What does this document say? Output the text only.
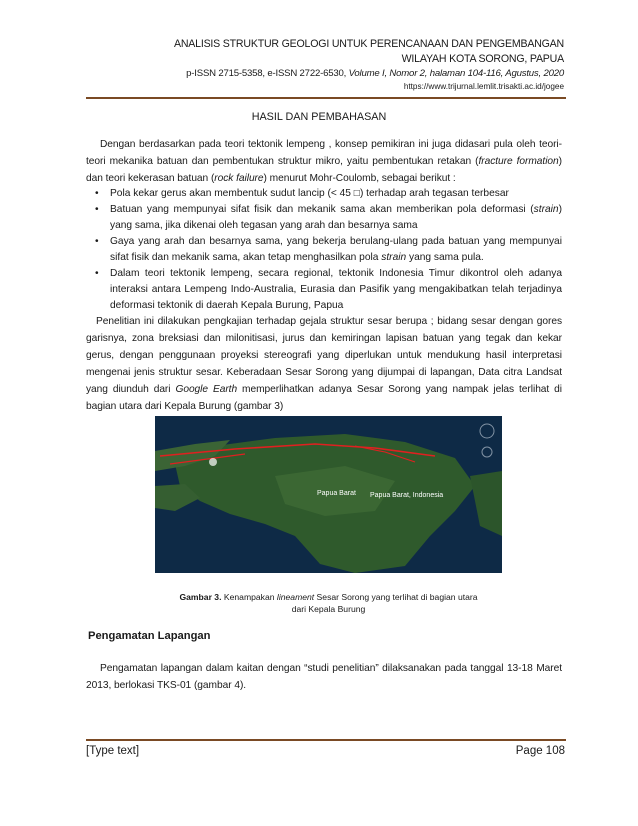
ANALISIS STRUKTUR GEOLOGI UNTUK PERENCANAAN DAN PENGEMBANGAN
WILAYAH KOTA SORONG, PAPUA
p-ISSN 2715-5358, e-ISSN 2722-6530, Volume I, Nomor 2, halaman 104-116, Agustus, 2020
https://www.trijurnal.lemlit.trisakti.ac.id/jogee
HASIL DAN PEMBAHASAN
Dengan berdasarkan pada teori tektonik lempeng , konsep pemikiran ini juga didasari pula oleh teori-teori mekanika batuan dan pembentukan struktur mikro, yaitu pembentukan retakan (fracture formation) dan teori kekerasan batuan (rock failure) menurut Mohr-Coulomb, sebagai berikut :
• Pola kekar gerus akan membentuk sudut lancip (< 45 □) terhadap arah tegasan terbesar
• Batuan yang mempunyai sifat fisik dan mekanik sama akan memberikan pola deformasi (strain) yang sama, jika dikenai oleh tegasan yang arah dan besarnya sama
• Gaya yang arah dan besarnya sama, yang bekerja berulang-ulang pada batuan yang mempunyai sifat fisik dan mekanik sama, akan tetap menghasilkan pola strain yang sama pula.
• Dalam teori tektonik lempeng, secara regional, tektonik Indonesia Timur dikontrol oleh adanya interaksi antara Lempeng Indo-Australia, Eurasia dan Pasifik yang mengakibatkan telah terjadinya deformasi tektonik di daerah Kepala Burung, Papua
Penelitian ini dilakukan pengkajian terhadap gejala struktur sesar berupa ; bidang sesar dengan gores garisnya, zona breksiasi dan milonitisasi, jurus dan kemiringan lapisan batuan yang tegak dan kekar gerus, dengan penggunaan proyeksi stereografi yang diperlukan untuk mendukung hasil interpretasi mengenai jenis struktur sesar. Keberadaan Sesar Sorong yang dijumpai di lapangan, Data citra Landsat yang diunduh dari Google Earth memperlihatkan adanya Sesar Sorong yang nampak jelas terlihat di bagian utara dari Kepala Burung (gambar 3)
Papua Barat Papua Barat, Indonesia
Gambar 3. Kenampakan lineament Sesar Sorong yang terlihat di bagian utara
dari Kepala Burung
Pengamatan Lapangan
Pengamatan lapangan dalam kaitan dengan “studi penelitian” dilaksanakan pada tanggal 13-18 Maret 2013, berlokasi TKS-01 (gambar 4).
[Type text]	Page 108
